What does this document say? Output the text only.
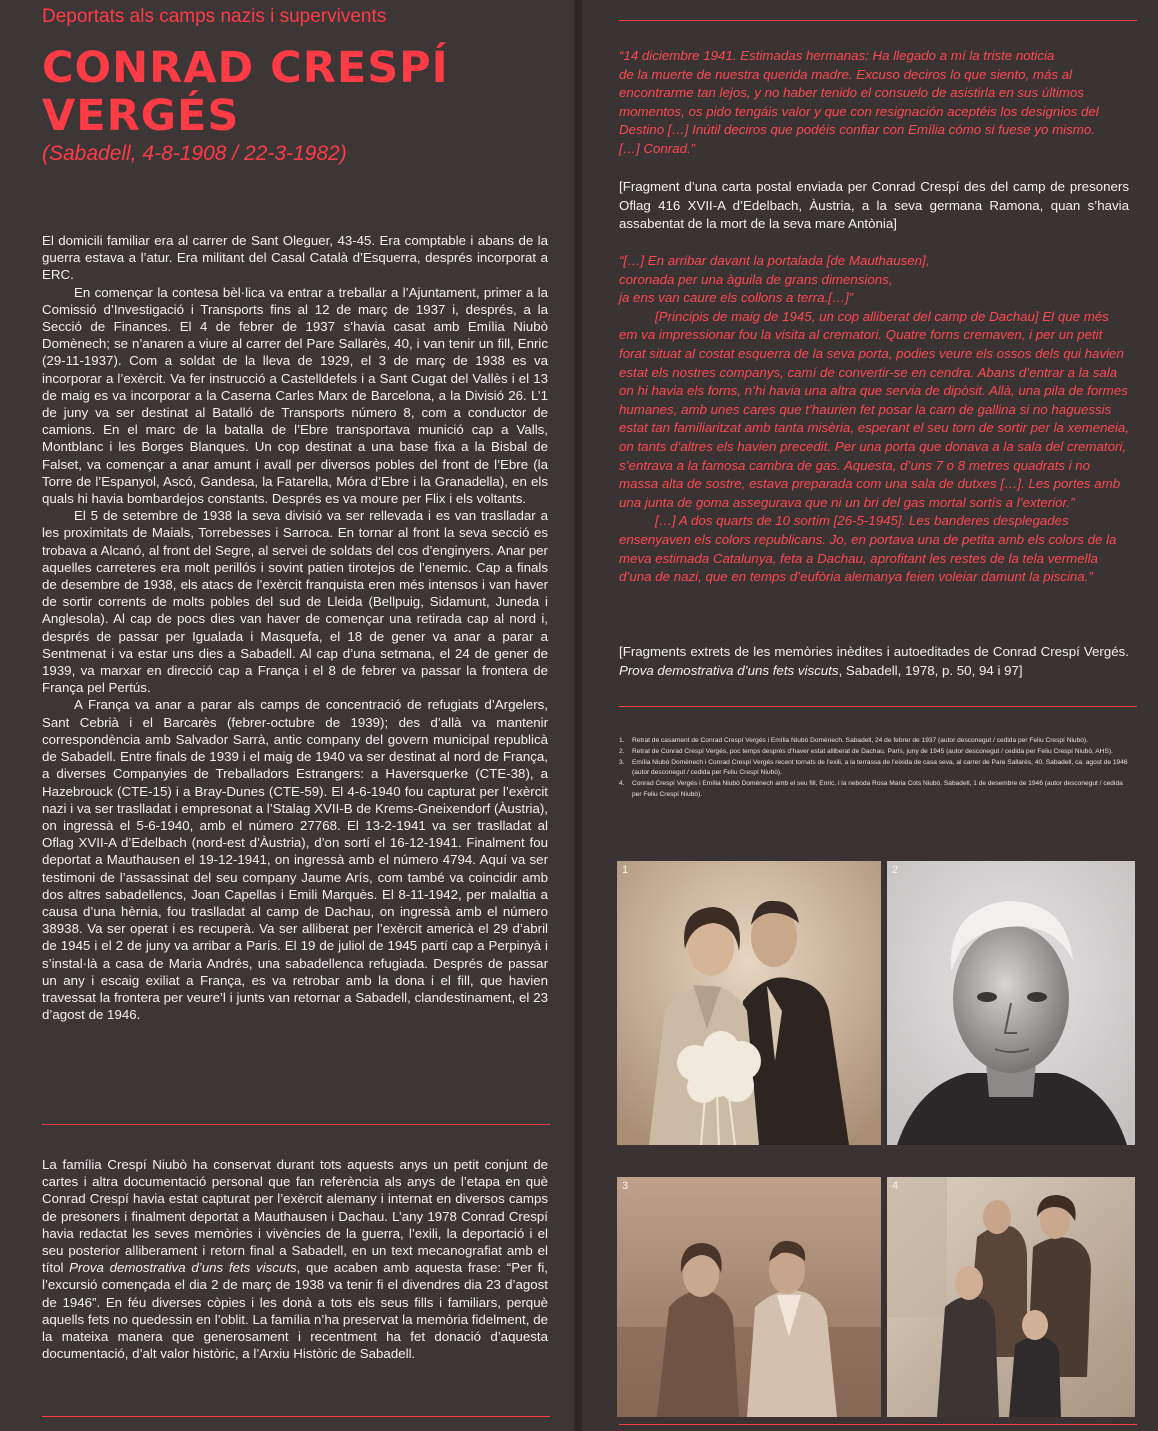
Deportats als camps nazis i supervivents
CONRAD CRESPÍ VERGÉS
(Sabadell, 4-8-1908 / 22-3-1982)

El domicili familiar era al carrer de Sant Oleguer, 43-45. Era comptable i abans de la guerra estava a l’atur. Era militant del Casal Català d’Esquerra, després incorporat a ERC.

En començar la contesa bèl·lica va entrar a treballar a l’Ajuntament, primer a la Comissió d’Investigació i Transports fins al 12 de març de 1937 i, després, a la Secció de Finances. El 4 de febrer de 1937 s’havia casat amb Emília Niubò Domènech; se n’anaren a viure al carrer del Pare Sallarès, 40, i van tenir un fill, Enric (29-11-1937). Com a soldat de la lleva de 1929, el 3 de març de 1938 es va incorporar a l’exèrcit. Va fer instrucció a Castelldefels i a Sant Cugat del Vallès i el 13 de maig es va incorporar a la Caserna Carles Marx de Barcelona, a la Divisió 26. L’1 de juny va ser destinat al Batalló de Transports número 8, com a conductor de camions. En el marc de la batalla de l’Ebre transportava munició cap a Valls, Montblanc i les Borges Blanques. Un cop destinat a una base fixa a la Bisbal de Falset, va començar a anar amunt i avall per diversos pobles del front de l’Ebre (la Torre de l’Espanyol, Ascó, Gandesa, la Fatarella, Móra d’Ebre i la Granadella), en els quals hi havia bombardejos constants. Després es va moure per Flix i els voltants.

El 5 de setembre de 1938 la seva divisió va ser rellevada i es van traslladar a les proximitats de Maials, Torrebesses i Sarroca. En tornar al front la seva secció es trobava a Alcanó, al front del Segre, al servei de soldats del cos d’enginyers. Anar per aquelles carreteres era molt perillós i sovint patien tirotejos de l’enemic. Cap a finals de desembre de 1938, els atacs de l’exèrcit franquista eren més intensos i van haver de sortir corrents de molts pobles del sud de Lleida (Bellpuig, Sidamunt, Juneda i Anglesola). Al cap de pocs dies van haver de començar una retirada cap al nord i, després de passar per Igualada i Masquefa, el 18 de gener va anar a parar a Sentmenat i va estar uns dies a Sabadell. Al cap d’una setmana, el 24 de gener de 1939, va marxar en direcció cap a França i el 8 de febrer va passar la frontera de França pel Pertús.

A França va anar a parar als camps de concentració de refugiats d’Argelers, Sant Cebrià i el Barcarès (febrer-octubre de 1939); des d’allà va mantenir correspondència amb Salvador Sarrà, antic company del govern municipal republicà de Sabadell. Entre finals de 1939 i el maig de 1940 va ser destinat al nord de França, a diverses Companyies de Treballadors Estrangers: a Haversquerke (CTE-38), a Hazebrouck (CTE-15) i a Bray-Dunes (CTE-59). El 4-6-1940 fou capturat per l’exèrcit nazi i va ser traslladat i empresonat a l’Stalag XVII-B de Krems-Gneixendorf (Àustria), on ingressà el 5-6-1940, amb el número 27768. El 13-2-1941 va ser traslladat al Oflag XVII-A d’Edelbach (nord-est d’Àustria), d’on sortí el 16-12-1941. Finalment fou deportat a Mauthausen el 19-12-1941, on ingressà amb el número 4794. Aquí va ser testimoni de l’assassinat del seu company Jaume Arís, com també va coincidir amb dos altres sabadellencs, Joan Capellas i Emili Marquès. El 8-11-1942, per malaltia a causa d’una hèrnia, fou traslladat al camp de Dachau, on ingressà amb el número 38938. Va ser operat i es recuperà. Va ser alliberat per l’exèrcit americà el 29 d’abril de 1945 i el 2 de juny va arribar a París. El 19 de juliol de 1945 partí cap a Perpinyà i s’instal·là a casa de Maria Andrés, una sabadellenca refugiada. Després de passar un any i escaig exiliat a França, es va retrobar amb la dona i el fill, que havien travessat la frontera per veure’l i junts van retornar a Sabadell, clandestinament, el 23 d’agost de 1946.

La família Crespí Niubò ha conservat durant tots aquests anys un petit conjunt de cartes i altra documentació personal que fan referència als anys de l’etapa en què Conrad Crespí havia estat capturat per l’exèrcit alemany i internat en diversos camps de presoners i finalment deportat a Mauthausen i Dachau. L’any 1978 Conrad Crespí havia redactat les seves memòries i vivències de la guerra, l’exili, la deportació i el seu posterior alliberament i retorn final a Sabadell, en un text mecanografiat amb el títol Prova demostrativa d’uns fets viscuts, que acaben amb aquesta frase: “Per fi, l’excursió començada el dia 2 de març de 1938 va tenir fi el divendres dia 23 d’agost de 1946”. En féu diverses còpies i les donà a tots els seus fills i familiars, perquè aquells fets no quedessin en l’oblit. La família n’ha preservat la memòria fidelment, de la mateixa manera que generosament i recentment ha fet donació d’aquesta documentació, d’alt valor històric, a l’Arxiu Històric de Sabadell.

“14 diciembre 1941. Estimadas hermanas: Ha llegado a mí la triste noticia

de la muerte de nuestra querida madre. Excuso deciros lo que siento, más al

encontrarme tan lejos, y no haber tenido el consuelo de asistirla en sus últimos

momentos, os pido tengáis valor y que con resignación aceptéis los designios del

Destino […] Inútil deciros que podéis confiar con Emília cómo si fuese yo mismo.

[…] Conrad.”

[Fragment d’una carta postal enviada per Conrad Crespí des del camp de presoners Oflag 416 XVII-A d’Edelbach, Àustria, a la seva germana Ramona, quan s’havia assabentat de la mort de la seva mare Antònia]

“[…] En arribar davant la portalada [de Mauthausen],

coronada per una àguila de grans dimensions,

ja ens van caure els collons a terra.[…]”

[Principis de maig de 1945, un cop alliberat del camp de Dachau] El que més em va impressionar fou la visita al crematori. Quatre forns cremaven, i per un petit forat situat al costat esquerra de la seva porta, podies veure els ossos dels qui havien estat els nostres companys, camí de convertir-se en cendra. Abans d’entrar a la sala on hi havia els forns, n’hi havia una altra que servia de dipòsit. Allà, una pila de formes humanes, amb unes cares que t’haurien fet posar la carn de gallina si no haguessis estat tan familiaritzat amb tanta misèria, esperant el seu torn de sortir per la xemeneia, on tants d’altres els havien precedit. Per una porta que donava a la sala del crematori, s’entrava a la famosa cambra de gas. Aquesta, d’uns 7 o 8 metres quadrats i no massa alta de sostre, estava preparada com una sala de dutxes […]. Les portes amb una junta de goma assegurava que ni un bri del gas mortal sortís a l’exterior.”

[…] A dos quarts de 10 sortim [26-5-1945]. Les banderes desplegades ensenyaven els colors republicans. Jo, en portava una de petita amb els colors de la meva estimada Catalunya, feta a Dachau, aprofitant les restes de la tela vermella d’una de nazi, que en temps d’eufòria alemanya feien voleiar damunt la piscina.”

[Fragments extrets de les memòries inèdites i autoeditades de Conrad Crespí Vergés. Prova demostrativa d’uns fets viscuts, Sabadell, 1978, p. 50, 94 i 97]
1. Retrat de casament de Conrad Crespí Vergés i Emília Niubò Domènech. Sabadell, 24 de febrer de 1937 (autor desconegut / cedida per Feliu Crespí Niubò).
2. Retrat de Conrad Crespí Vergés, poc temps després d’haver estat alliberat de Dachau. París, juny de 1945 (autor desconegut / cedida per Feliu Crespí Niubò, AHS).
3. Emília Niubò Domènech i Conrad Crespí Vergés recent tornats de l’exili, a la terrassa de l’eixida de casa seva, al carrer de Pare Sallarès, 40. Sabadell, ca. agost de 1946 (autor desconegut / cedida per Feliu Crespí Niubò).
4. Conrad Crespí Vergés i Emília Niubò Domènech amb el seu fill, Enric, i la neboda Rosa Maria Cots Niubò. Sabadell, 1 de desembre de 1946 (autor desconegut / cedida per Feliu Crespí Niubò).
1	2
3	4
